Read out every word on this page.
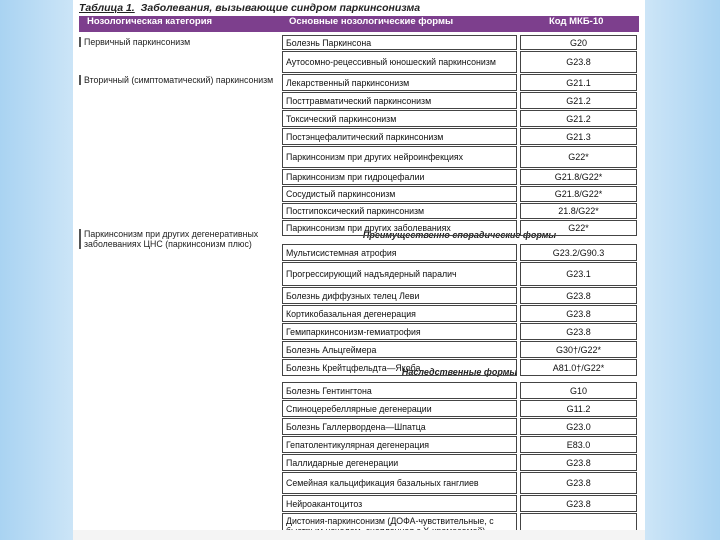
Таблица 1. Заболевания, вызывающие синдром паркинсонизма
Нозологическая категория	Основные нозологические формы	Код МКБ-10
Первичный паркинсонизм
Вторичный (симптоматический) паркинсонизм
Паркинсонизм при других дегенеративных заболеваниях ЦНС (паркинсонизм плюс)
Преимущественно спорадические формы
Наследственные формы
Болезнь Паркинсона
Аутосомно-рецессивный юношеский паркинсонизм
Лекарственный паркинсонизм
Посттравматический паркинсонизм
Токсический паркинсонизм
Постэнцефалитический паркинсонизм
Паркинсонизм при других нейроинфекциях
Паркинсонизм при гидроцефалии
Сосудистый паркинсонизм
Постгипоксический паркинсонизм
Паркинсонизм при других заболеваниях
Мультисистемная атрофия
Прогрессирующий надъядерный паралич
Болезнь диффузных телец Леви
Кортикобазальная дегенерация
Гемипаркинсонизм-гемиатрофия
Болезнь Альцгеймера
Болезнь Крейтцфельдта—Якоба
Болезнь Гентингтона
Спиноцеребеллярные дегенерации
Болезнь Галлервордена—Шпатца
Гепатолентикулярная дегенерация
Паллидарные дегенерации
Семейная кальцификация базальных ганглиев
Нейроакантоцитоз
Дистония-паркинсонизм (ДОФА-чувствительные, с
G20
G23.8
G21.1
G21.2
G21.2
G21.3
G22*
G21.8/G22*
G21.8/G22*
21.8/G22*
G22*
G23.2/G90.3
G23.1
G23.8
G23.8
G23.8
G30†/G22*
A81.0†/G22*
G10
G11.2
G23.0
E83.0
G23.8
G23.8
G23.8
